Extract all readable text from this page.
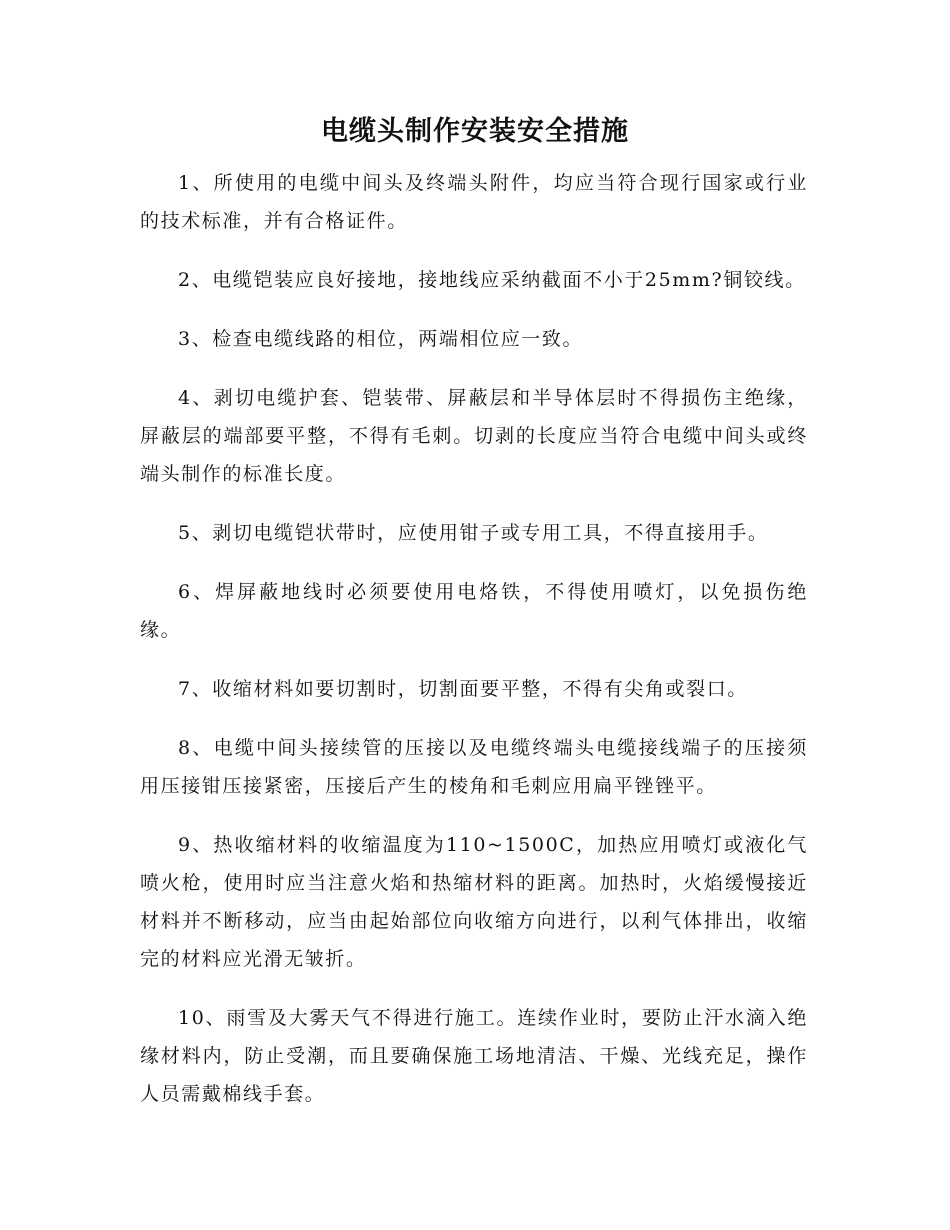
电缆头制作安装安全措施

1、所使用的电缆中间头及终端头附件，均应当符合现行国家或行业的技术标准，并有合格证件。

2、电缆铠装应良好接地，接地线应采纳截面不小于25mm?铜铰线。

3、检查电缆线路的相位，两端相位应一致。

4、剥切电缆护套、铠装带、屏蔽层和半导体层时不得损伤主绝缘，屏蔽层的端部要平整，不得有毛刺。切剥的长度应当符合电缆中间头或终端头制作的标准长度。

5、剥切电缆铠状带时，应使用钳子或专用工具，不得直接用手。

6、焊屏蔽地线时必须要使用电烙铁，不得使用喷灯，以免损伤绝缘。

7、收缩材料如要切割时，切割面要平整，不得有尖角或裂口。

8、电缆中间头接续管的压接以及电缆终端头电缆接线端子的压接须用压接钳压接紧密，压接后产生的棱角和毛刺应用扁平锉锉平。

9、热收缩材料的收缩温度为110~1500C，加热应用喷灯或液化气喷火枪，使用时应当注意火焰和热缩材料的距离。加热时，火焰缓慢接近材料并不断移动，应当由起始部位向收缩方向进行，以利气体排出，收缩完的材料应光滑无皱折。

10、雨雪及大雾天气不得进行施工。连续作业时，要防止汗水滴入绝缘材料内，防止受潮，而且要确保施工场地清洁、干燥、光线充足，操作人员需戴棉线手套。
